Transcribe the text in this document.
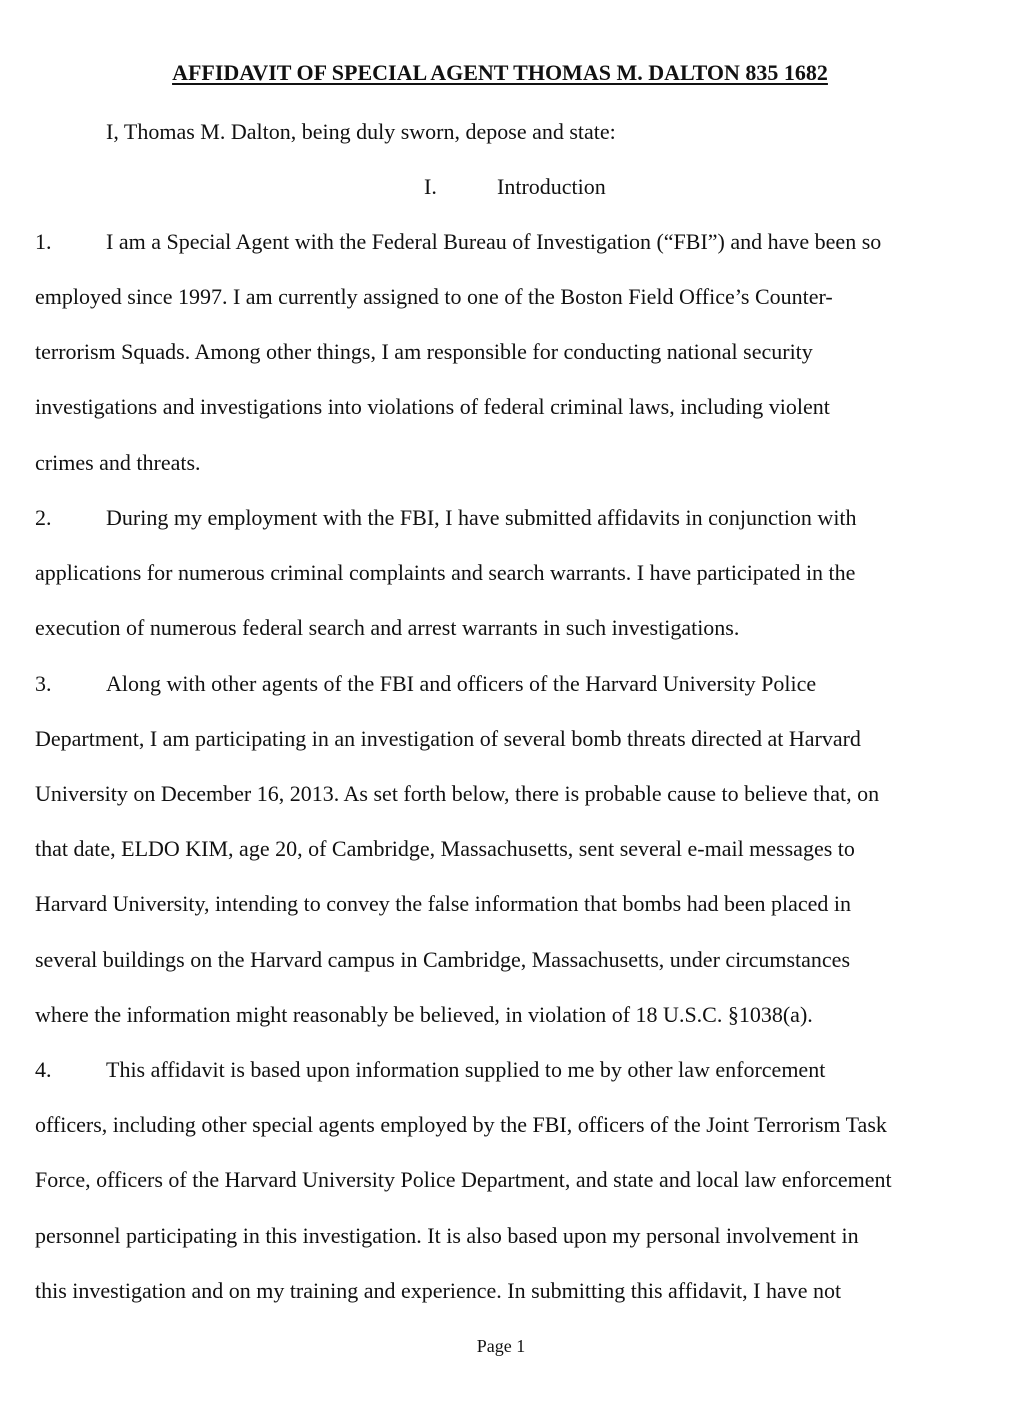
AFFIDAVIT OF SPECIAL AGENT THOMAS M. DALTON 835 1682
I, Thomas M. Dalton, being duly sworn, depose and state:
I.	Introduction
1. I am a Special Agent with the Federal Bureau of Investigation (“FBI”) and have been so
employed since 1997. I am currently assigned to one of the Boston Field Office’s Counter-
terrorism Squads. Among other things, I am responsible for conducting national security
investigations and investigations into violations of federal criminal laws, including violent
crimes and threats.
2. During my employment with the FBI, I have submitted affidavits in conjunction with
applications for numerous criminal complaints and search warrants. I have participated in the
execution of numerous federal search and arrest warrants in such investigations.
3. Along with other agents of the FBI and officers of the Harvard University Police
Department, I am participating in an investigation of several bomb threats directed at Harvard
University on December 16, 2013. As set forth below, there is probable cause to believe that, on
that date, ELDO KIM, age 20, of Cambridge, Massachusetts, sent several e-mail messages to
Harvard University, intending to convey the false information that bombs had been placed in
several buildings on the Harvard campus in Cambridge, Massachusetts, under circumstances
where the information might reasonably be believed, in violation of 18 U.S.C. §1038(a).
4. This affidavit is based upon information supplied to me by other law enforcement
officers, including other special agents employed by the FBI, officers of the Joint Terrorism Task
Force, officers of the Harvard University Police Department, and state and local law enforcement
personnel participating in this investigation. It is also based upon my personal involvement in
this investigation and on my training and experience. In submitting this affidavit, I have not
Page 1
